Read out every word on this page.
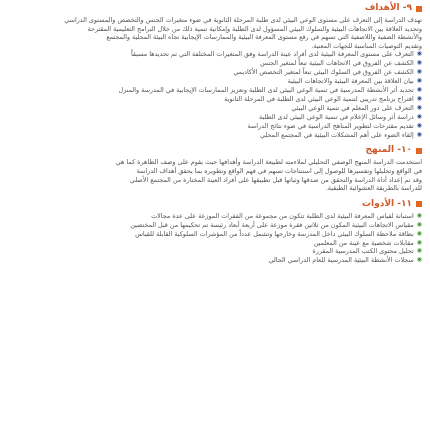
٩- الأهداف

تهدف الدراسة إلى التعرف على مستوى الوعي البيئي لدى طلبة المرحلة الثانوية في ضوء متغيرات الجنس والتخصص والمستوى الدراسي

وتحديد العلاقة بين الاتجاهات البيئية والسلوك البيئي المسؤول لدى الطلبة وإمكانية تنمية ذلك من خلال البرامج التعليمية المقترحة

والأنشطة الصفية واللاصفية التي تسهم في رفع مستوى المعرفة البيئية والممارسات الإيجابية تجاه البيئة المحلية والمجتمع

وتقديم التوصيات المناسبة للجهات المعنية.

◉
التعرف على مستوى المعرفة البيئية لدى أفراد عينة الدراسة وفق المتغيرات المختلفة التي تم تحديدها مسبقاً
◉
الكشف عن الفروق في الاتجاهات البيئية تبعاً لمتغير الجنس
◉
الكشف عن الفروق في السلوك البيئي تبعاً لمتغير التخصص الأكاديمي
◉
بيان العلاقة بين المعرفة البيئية والاتجاهات البيئية
◉
تحديد أثر الأنشطة المدرسية في تنمية الوعي البيئي لدى الطلبة وتعزيز الممارسات الإيجابية في المدرسة والمنزل
◉
اقتراح برنامج تدريبي لتنمية الوعي البيئي لدى الطلبة في المرحلة الثانوية
◉
التعرف على دور المعلم في تنمية الوعي البيئي
◉
دراسة أثر وسائل الإعلام في تنمية الوعي البيئي لدى الطلبة
◉
تقديم مقترحات لتطوير المناهج الدراسية في ضوء نتائج الدراسة
◉
إلقاء الضوء على أهم المشكلات البيئية في المجتمع المحلي
١٠- المنهج

استخدمت الدراسة المنهج الوصفي التحليلي لملاءمته لطبيعة الدراسة وأهدافها حيث يقوم على وصف الظاهرة كما هي

في الواقع وتحليلها وتفسيرها للوصول إلى استنتاجات تسهم في فهم الواقع وتطويره بما يحقق أهداف الدراسة

وقد تم إعداد أداة الدراسة والتحقق من صدقها وثباتها قبل تطبيقها على أفراد العينة المختارة من المجتمع الأصلي

للدراسة بالطريقة العشوائية الطبقية.

١١- الأدوات
◉
استبانة لقياس المعرفة البيئية لدى الطلبة تتكون من مجموعة من الفقرات الموزعة على عدة مجالات
◉
مقياس الاتجاهات البيئية المكون من ثلاثين فقرة موزعة على أربعة أبعاد رئيسة تم تحكيمها من قبل المختصين
◉
بطاقة ملاحظة السلوك البيئي داخل المدرسة وخارجها وتشمل عدداً من المؤشرات السلوكية القابلة للقياس
◉
مقابلات شخصية مع عينة من المعلمين
◉
تحليل محتوى الكتب المدرسية المقررة
◉
سجلات الأنشطة البيئية المدرسية للعام الدراسي الحالي
